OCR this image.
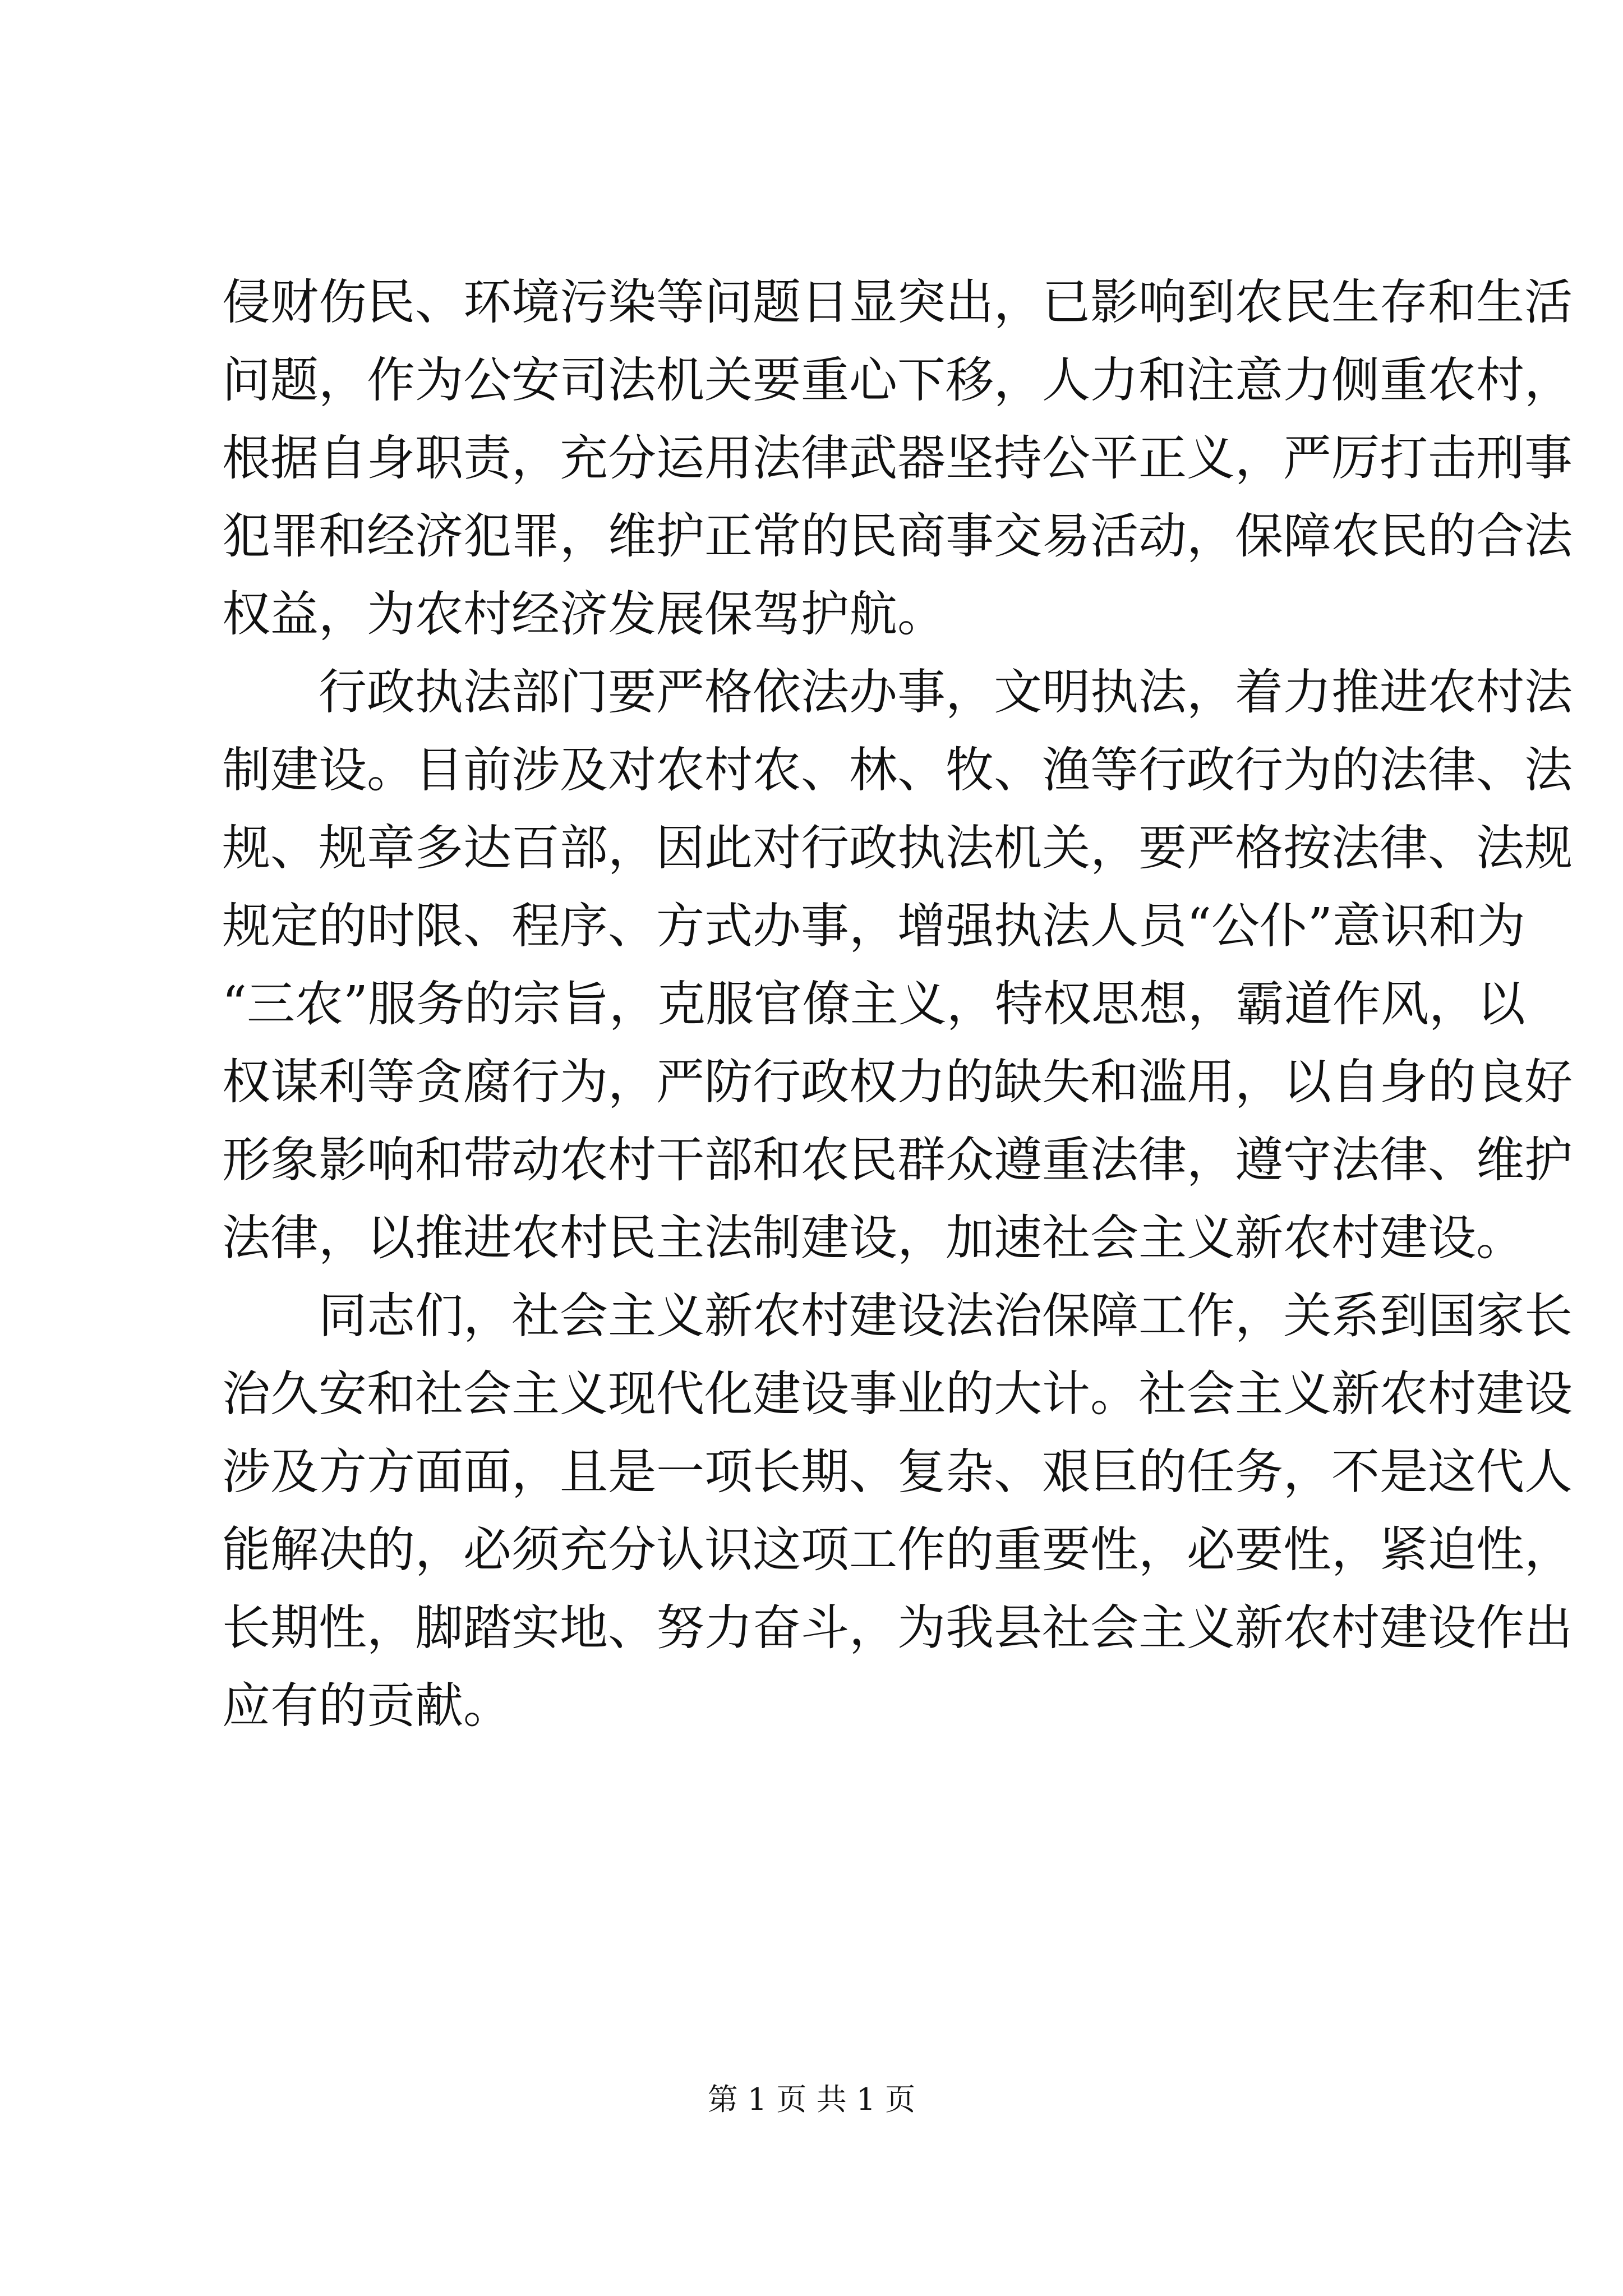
侵财伤民、环境污染等问题日显突出，已影响到农民生存和生活
问题，作为公安司法机关要重心下移，人力和注意力侧重农村，
根据自身职责，充分运用法律武器坚持公平正义，严厉打击刑事
犯罪和经济犯罪，维护正常的民商事交易活动，保障农民的合法
权益，为农村经济发展保驾护航。
行政执法部门要严格依法办事，文明执法，着力推进农村法
制建设。目前涉及对农村农、林、牧、渔等行政行为的法律、法
规、规章多达百部，因此对行政执法机关，要严格按法律、法规
规定的时限、程序、方式办事，增强执法人员“公仆”意识和为
“三农”服务的宗旨，克服官僚主义，特权思想，霸道作风，以
权谋利等贪腐行为，严防行政权力的缺失和滥用，以自身的良好
形象影响和带动农村干部和农民群众遵重法律，遵守法律、维护
法律，以推进农村民主法制建设，加速社会主义新农村建设。
同志们，社会主义新农村建设法治保障工作，关系到国家长
治久安和社会主义现代化建设事业的大计。社会主义新农村建设
涉及方方面面，且是一项长期、复杂、艰巨的任务，不是这代人
能解决的，必须充分认识这项工作的重要性，必要性，紧迫性，
长期性，脚踏实地、努力奋斗，为我县社会主义新农村建设作出
应有的贡献。
第 1 页 共 1 页
